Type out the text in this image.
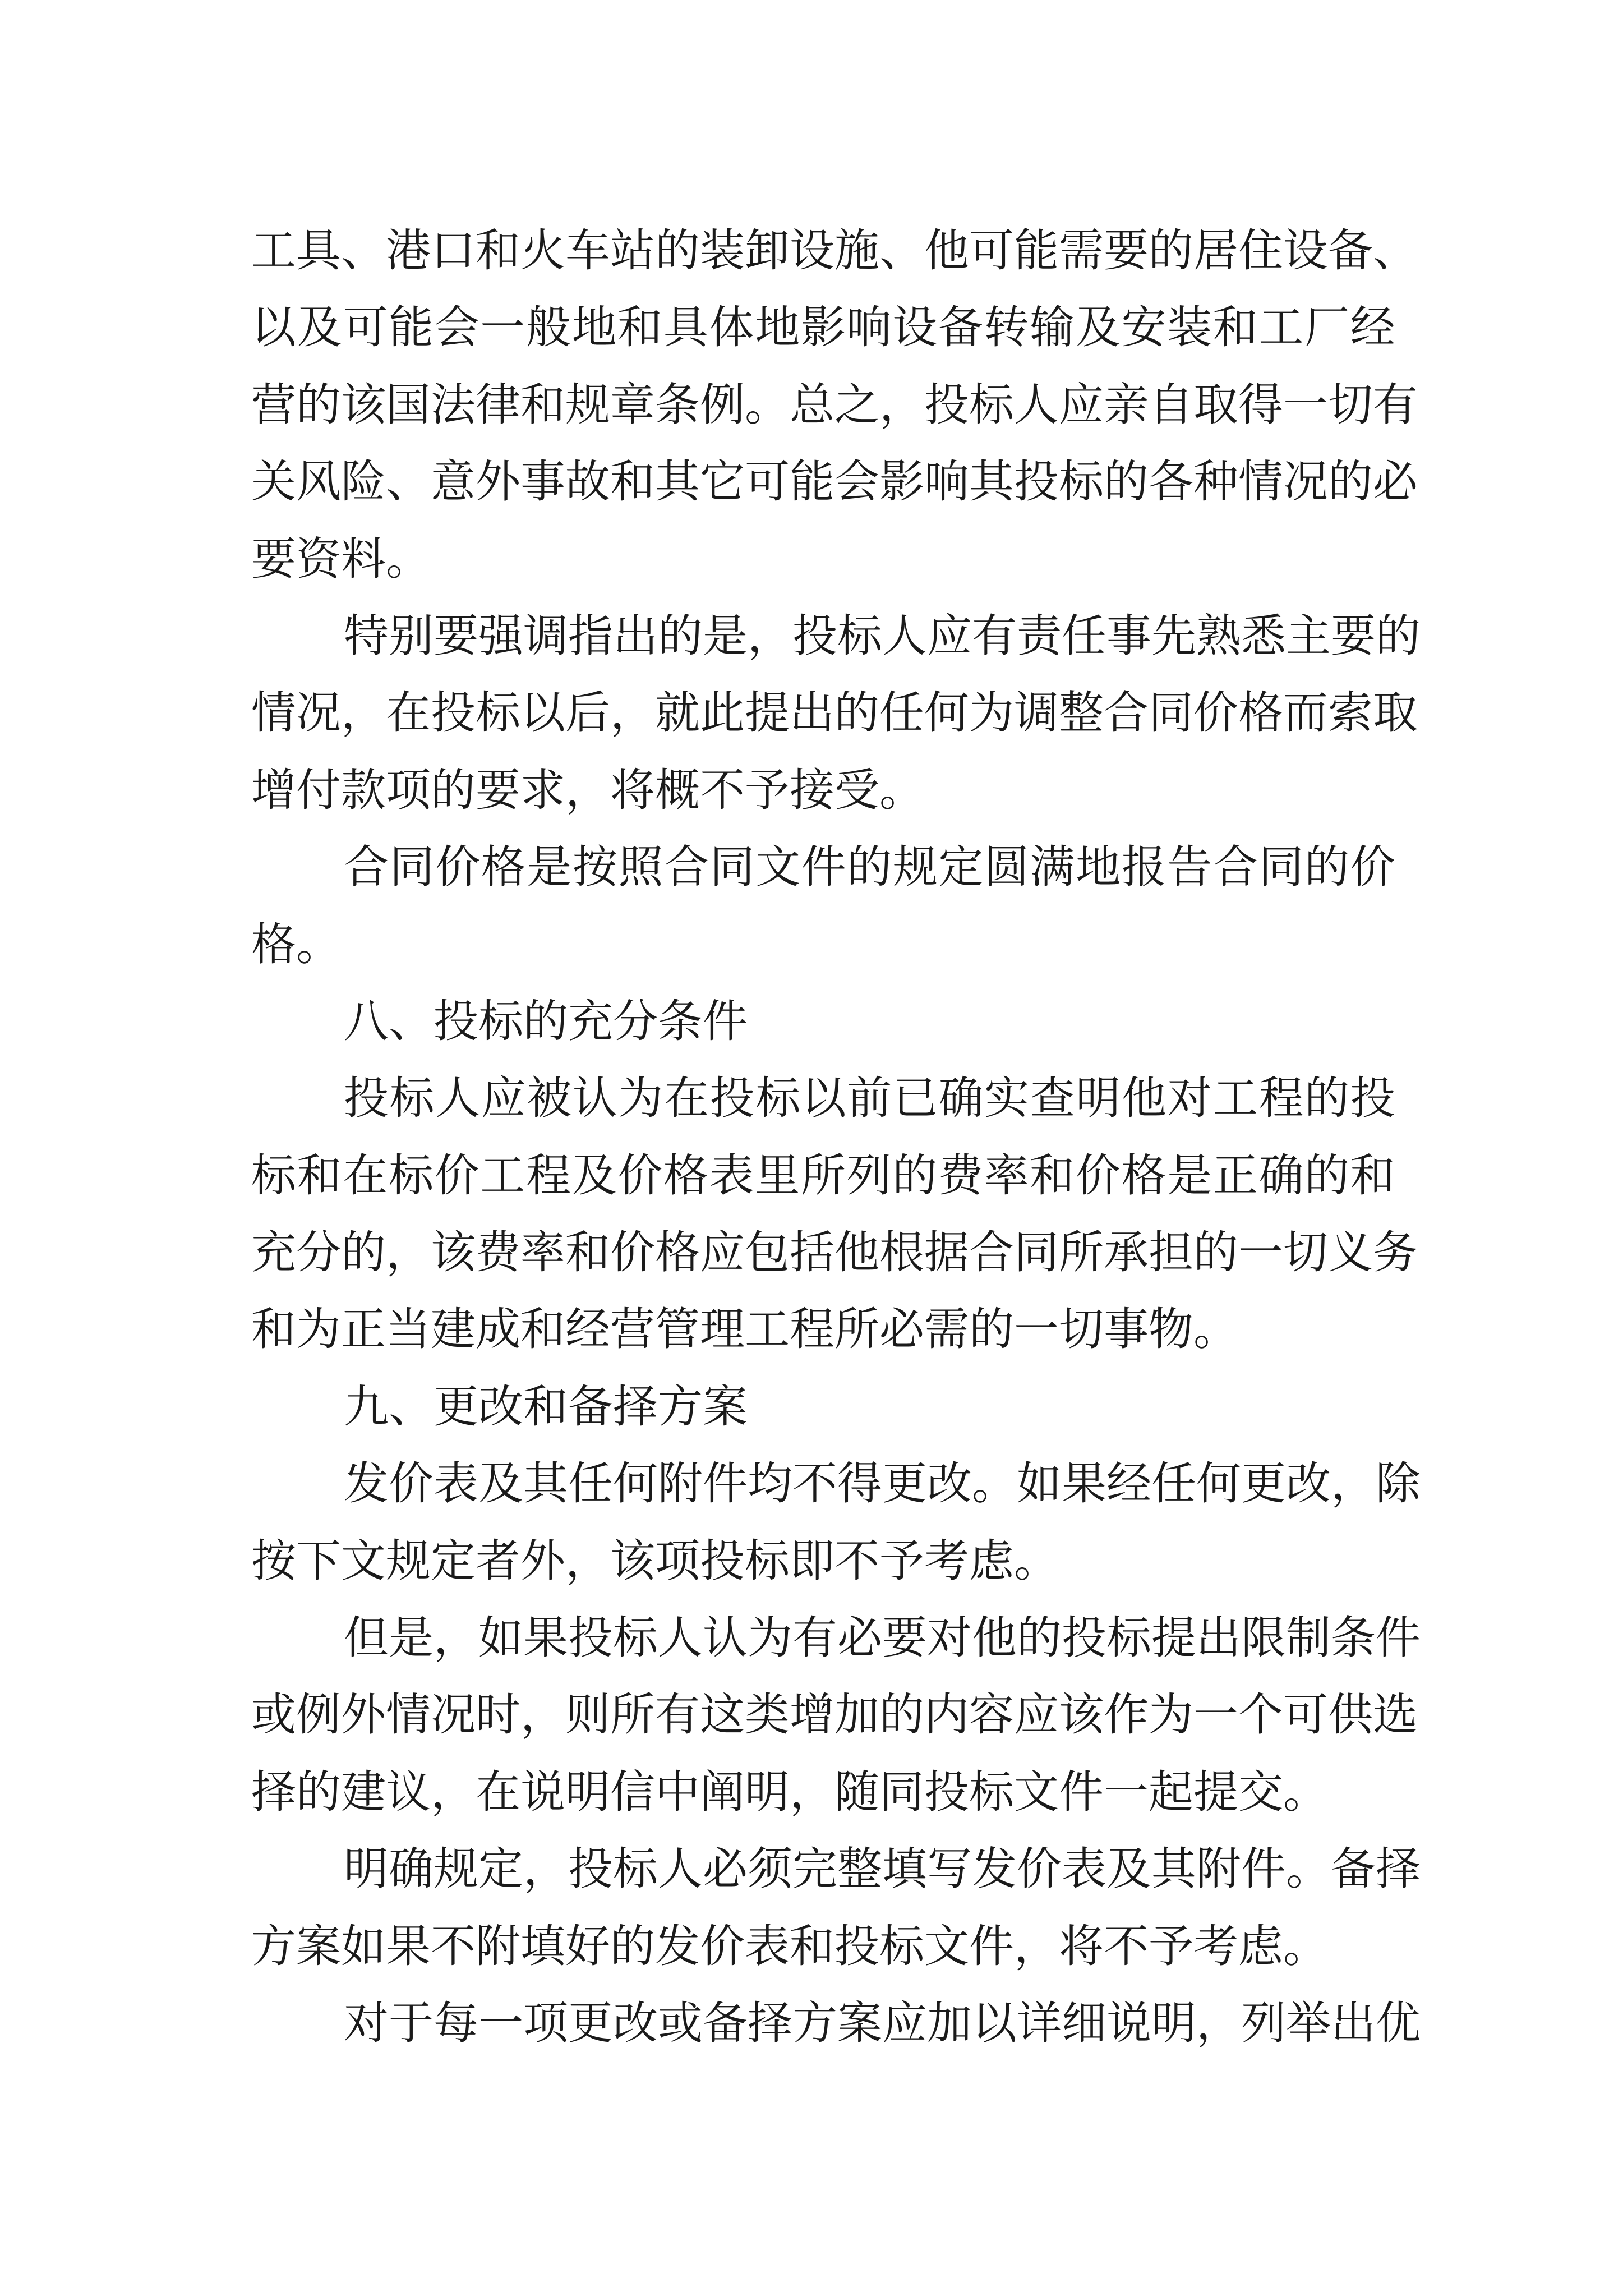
工 具 、 港 口 和 火 车 站 的 装 卸 设 施 、 他 可 能 需 要 的 居 住 设 备 、
以 及 可 能 会 一 般 地 和 具 体 地 影 响 设 备 转 输 及 安 装 和 工 厂 经
营 的 该 国 法 律 和 规 章 条 例 。 总 之 ， 投 标 人 应 亲 自 取 得 一 切 有
关 风 险 、 意 外 事 故 和 其 它 可 能 会 影 响 其 投 标 的 各 种 情 况 的 必
要资料。
特 别 要 强 调 指 出 的 是 ， 投 标 人 应 有 责 任 事 先 熟 悉 主 要 的
情 况 ， 在 投 标 以 后 ， 就 此 提 出 的 任 何 为 调 整 合 同 价 格 而 索 取
增付款项的要求，将概不予接受。
合 同 价 格 是 按 照 合 同 文 件 的 规 定 圆 满 地 报 告 合 同 的 价
格。
八、投标的充分条件
投 标 人 应 被 认 为 在 投 标 以 前 已 确 实 查 明 他 对 工 程 的 投
标 和 在 标 价 工 程 及 价 格 表 里 所 列 的 费 率 和 价 格 是 正 确 的 和
充 分 的 ， 该 费 率 和 价 格 应 包 括 他 根 据 合 同 所 承 担 的 一 切 义 务
和为正当建成和经营管理工程所必需的一切事物。
九、更改和备择方案
发 价 表 及 其 任 何 附 件 均 不 得 更 改 。 如 果 经 任 何 更 改 ， 除
按下文规定者外，该项投标即不予考虑。
但 是 ， 如 果 投 标 人 认 为 有 必 要 对 他 的 投 标 提 出 限 制 条 件
或 例 外 情 况 时 ， 则 所 有 这 类 增 加 的 内 容 应 该 作 为 一 个 可 供 选
择的建议，在说明信中阐明，随同投标文件一起提交。
明 确 规 定 ， 投 标 人 必 须 完 整 填 写 发 价 表 及 其 附 件 。 备 择
方案如果不附填好的发价表和投标文件，将不予考虑。
对 于 每 一 项 更 改 或 备 择 方 案 应 加 以 详 细 说 明 ， 列 举 出 优
